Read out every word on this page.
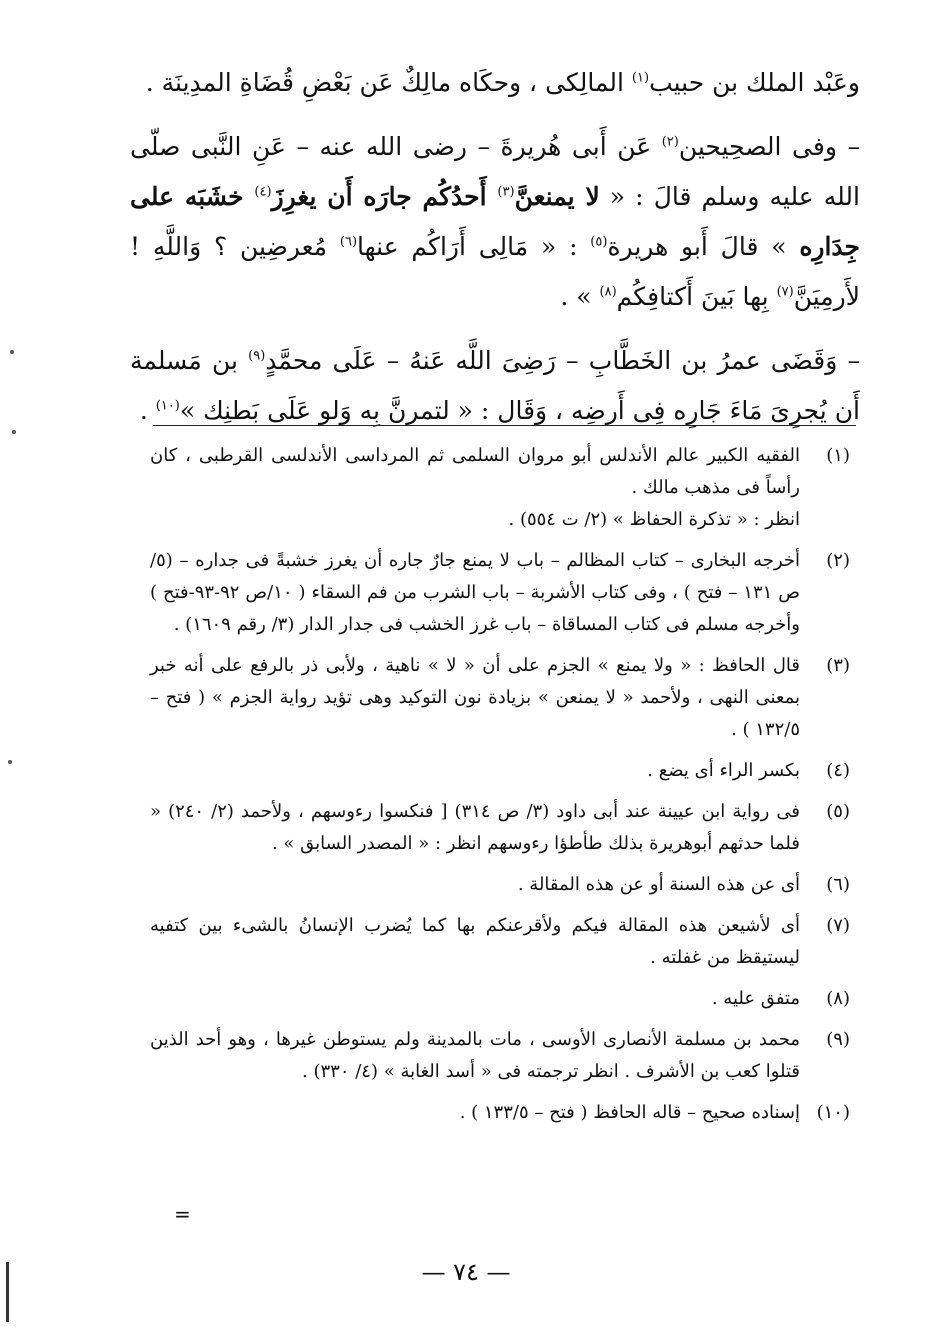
وعَبْد الملك بن حبيب$^{(١)}$ المالِكى ، وحكَاه مالِكٌ عَن بَعْضِ قُضَاةِ المدِينَة .

– وفى الصحِيحين$^{(٢)}$ عَن أَبى هُريرةَ – رضى الله عنه – عَنِ النَّبى صلّى الله عليه وسلم قالَ : « لا يمنعنَّ$^{(٣)}$ أَحدُكُم جارَه أَن يغرِزَ$^{(٤)}$ خشَبَه على جِدَارِه » قالَ أَبو هريرة$^{(٥)}$ : « مَالِى أَرَاكُم عنها$^{(٦)}$ مُعرضِين ؟ وَاللَّهِ ! لأَرمِيَنَّ$^{(٧)}$ بِها بَينَ أَكتافِكُم$^{(٨)}$ » .

– وَقَضَى عمرُ بن الخَطَّابِ – رَضِىَ اللَّه عَنهُ – عَلَى محمَّدٍ$^{(٩)}$ بن مَسلمة أَن يُجرِىَ مَاءَ جَارِه فِى أَرضِه ، وَقَال : « لتمرنَّ بِه وَلو عَلَى بَطنِك »$^{(١٠)}$ .

(١)
الفقيه الكبير عالم الأندلس أبو مروان السلمى ثم المرداسى الأندلسى القرطبى ، كان رأساً فى مذهب مالك .
انظر : « تذكرة الحفاظ » (٢/ ت ٥٥٤) .
(٢)
أخرجه البخارى – كتاب المظالم – باب لا يمنع جارٌ جاره أن يغرز خشبةً فى جداره – (٥/ ص ١٣١ – فتح ) ، وفى كتاب الأشربة – باب الشرب من فم السقاء ( ١٠/ص ٩٢-٩٣-فتح ) وأخرجه مسلم فى كتاب المساقاة – باب غرز الخشب فى جدار الدار (٣/ رقم ١٦٠٩) .
(٣)
قال الحافظ : « ولا يمنع » الجزم على أن « لا » ناهية ، ولأبى ذر بالرفع على أنه خبر بمعنى النهى ، ولأحمد « لا يمنعن » بزيادة نون التوكيد وهى تؤيد رواية الجزم » ( فتح – ١٣٢/٥ ) .
(٤)
بكسر الراء أى يضع .
(٥)
فى رواية ابن عيينة عند أبى داود (٣/ ص ٣١٤) [ فنكسوا رءوسهم ، ولأحمد (٢/ ٢٤٠) « فلما حدثهم أبوهريرة بذلك طأطؤا رءوسهم انظر : « المصدر السابق » .
(٦)
أى عن هذه السنة أو عن هذه المقالة .
(٧)
أى لأشيعن هذه المقالة فيكم ولأقرعنكم بها كما يُضرب الإنسانُ بالشىء بين كتفيه ليستيقظ من غفلته .
(٨)
متفق عليه .
(٩)
محمد بن مسلمة الأنصارى الأوسى ، مات بالمدينة ولم يستوطن غيرها ، وهو أحد الذين قتلوا كعب بن الأشرف . انظر ترجمته فى « أسد الغابة » (٤/ ٣٣٠) .
(١٠)
إسناده صحيح – قاله الحافظ ( فتح – ١٣٣/٥ ) .
=
— ٧٤ —
